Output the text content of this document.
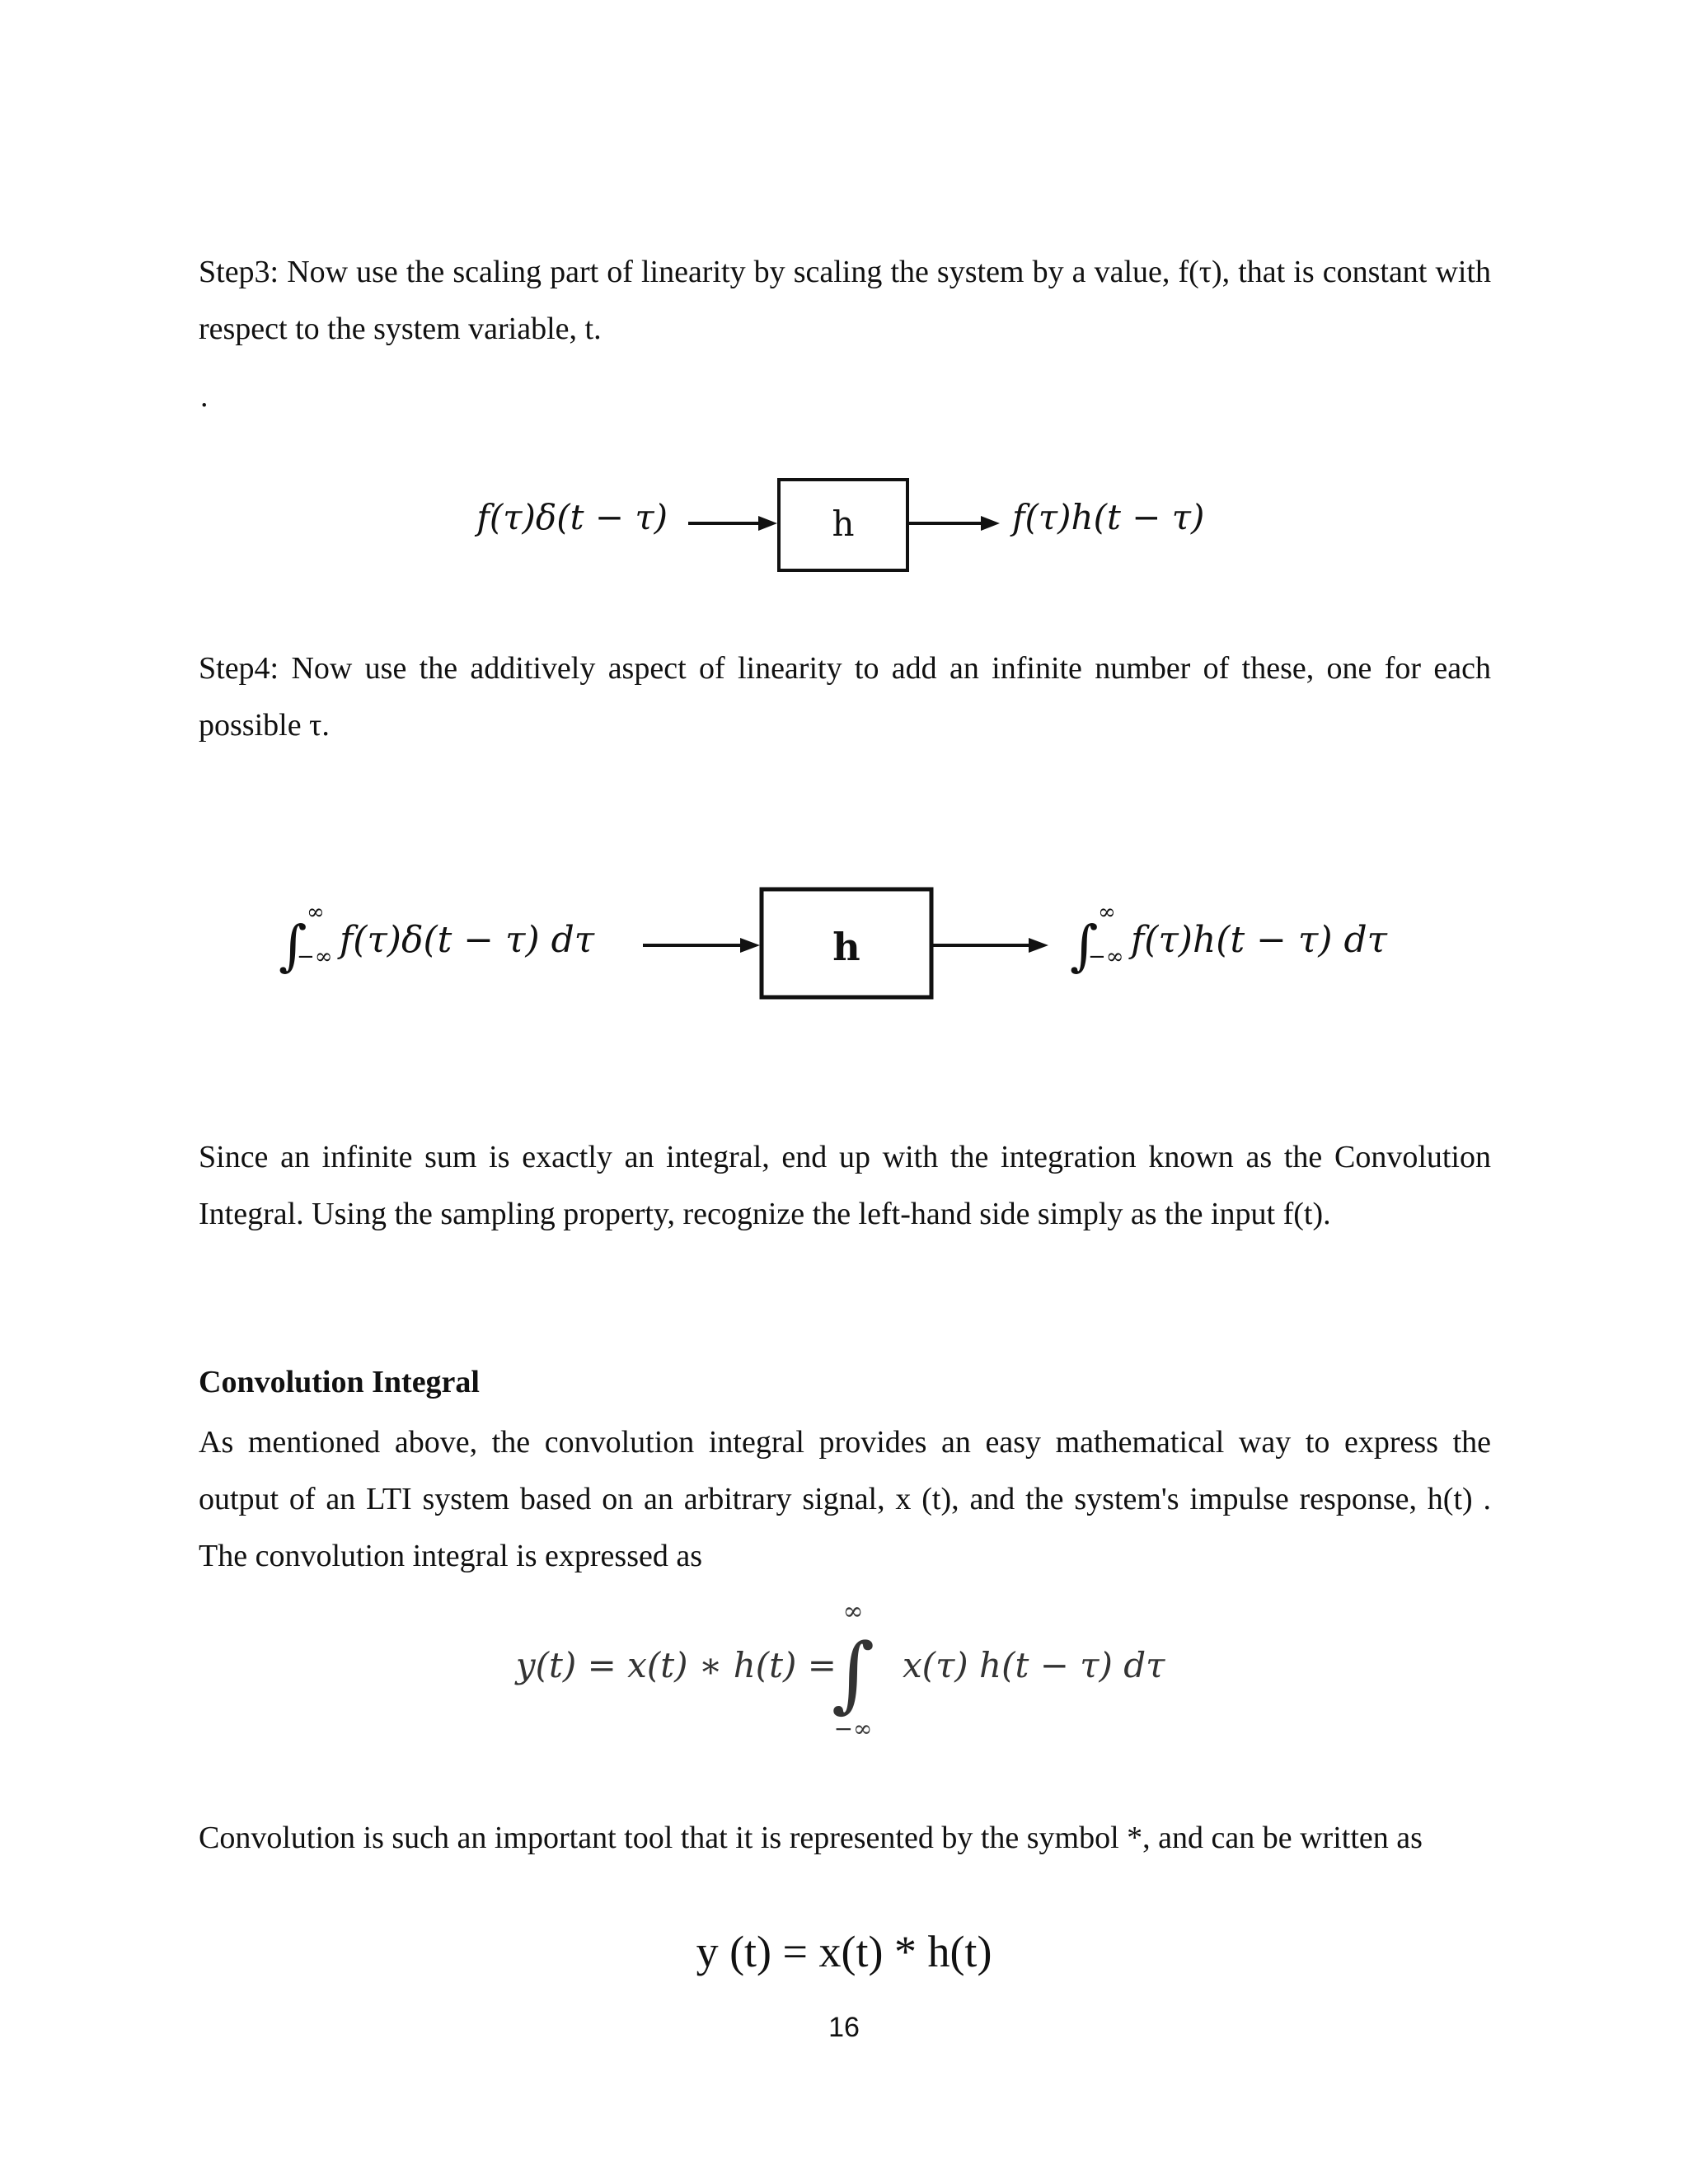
Step3: Now use the scaling part of linearity by scaling the system by a value, f(τ), that is constant with respect to the system variable, t.

.
f(τ)δ(t − τ)	h	f(τ)h(t − τ)

Step4: Now use the additively aspect of linearity to add an infinite number of these, one for each possible τ.

∫
∞
−∞ f(τ)δ(t − τ) dτ	h	∫
∞
−∞ f(τ)h(t − τ) dτ

Since an infinite sum is exactly an integral, end up with the integration known as the Convolution Integral. Using the sampling property, recognize the left-hand side simply as the input f(t).

Convolution Integral

As mentioned above, the convolution integral provides an easy mathematical way to express the output of an LTI system based on an arbitrary signal, x (t), and the system's impulse response, h(t) . The convolution integral is expressed as

y(t) = x(t) ∗ h(t) =
∞
∫
−∞
x(τ) h(t − τ) dτ

Convolution is such an important tool that it is represented by the symbol *, and can be written as

y (t) = x(t) * h(t)
16
